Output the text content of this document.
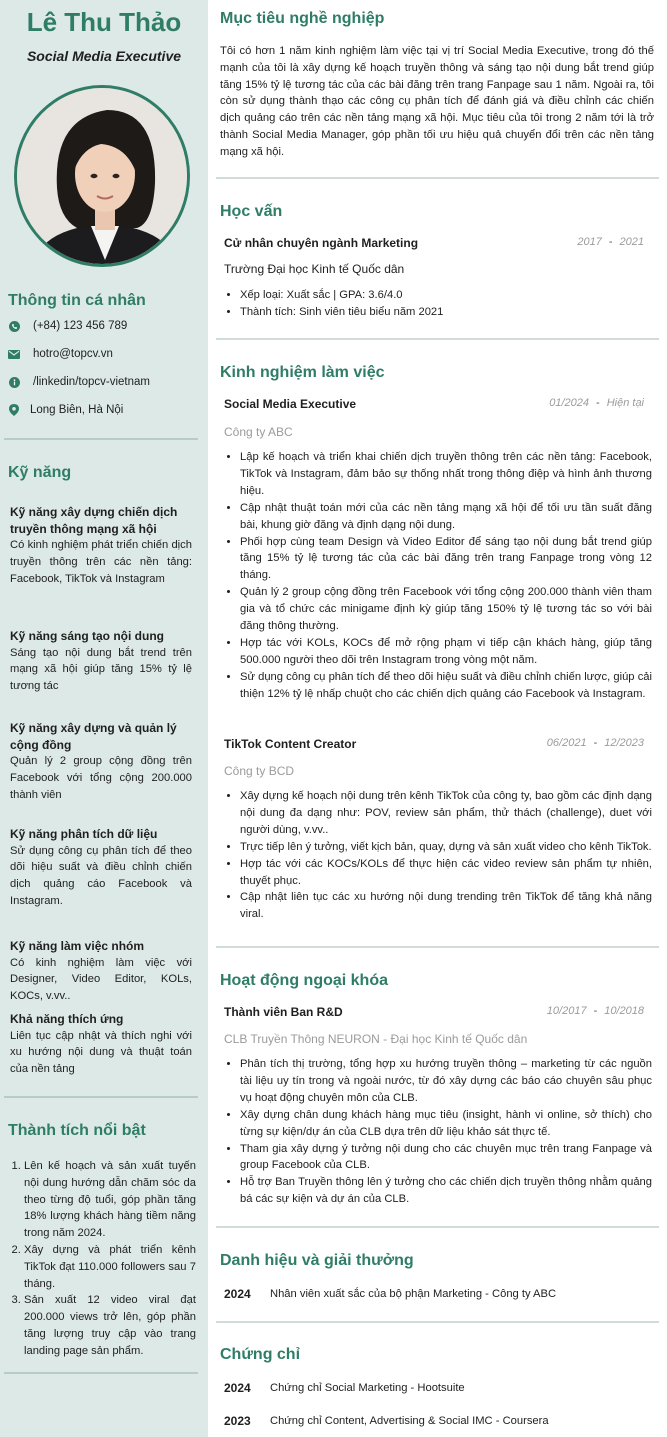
Lê Thu Thảo
Social Media Executive
Thông tin cá nhân
(+84) 123 456 789
hotro@topcv.vn
/linkedin/topcv-vietnam
Long Biên, Hà Nội
Kỹ năng
Kỹ năng xây dựng chiến dịch truyền thông mạng xã hội
Có kinh nghiệm phát triển chiến dịch truyền thông trên các nền tảng: Facebook, TikTok và Instagram
Kỹ năng sáng tạo nội dung
Sáng tạo nội dung bắt trend trên mạng xã hội giúp tăng 15% tỷ lệ tương tác
Kỹ năng xây dựng và quản lý cộng đồng
Quản lý 2 group cộng đồng trên Facebook với tổng cộng 200.000 thành viên
Kỹ năng phân tích dữ liệu
Sử dụng công cụ phân tích để theo dõi hiệu suất và điều chỉnh chiến dịch quảng cáo Facebook và Instagram.
Kỹ năng làm việc nhóm
Có kinh nghiệm làm việc với Designer, Video Editor, KOLs, KOCs, v.vv..
Khả năng thích ứng
Liên tục cập nhật và thích nghi với xu hướng nội dung và thuật toán của nền tảng
Thành tích nổi bật
1. Lên kế hoạch và sản xuất tuyến nội dung hướng dẫn chăm sóc da theo từng độ tuổi, góp phần tăng 18% lượng khách hàng tiềm năng trong năm 2024.
2. Xây dựng và phát triển kênh TikTok đạt 110.000 followers sau 7 tháng.
3. Sản xuất 12 video viral đạt 200.000 views trở lên, góp phần tăng lượng truy cập vào trang landing page sản phẩm.
Mục tiêu nghề nghiệp
Tôi có hơn 1 năm kinh nghiệm làm việc tại vị trí Social Media Executive, trong đó thế mạnh của tôi là xây dựng kế hoạch truyền thông và sáng tạo nội dung bắt trend giúp tăng 15% tỷ lệ tương tác của các bài đăng trên trang Fanpage sau 1 năm. Ngoài ra, tôi còn sử dụng thành thạo các công cụ phân tích để đánh giá và điều chỉnh các chiến dịch quảng cáo trên các nền tảng mạng xã hội. Mục tiêu của tôi trong 2 năm tới là trở thành Social Media Manager, góp phần tối ưu hiệu quả chuyển đổi trên các nền tảng mạng xã hội.
Học vấn
Cử nhân chuyên ngành Marketing	2017 - 2021
Trường Đại học Kinh tế Quốc dân
• Xếp loại: Xuất sắc | GPA: 3.6/4.0
• Thành tích: Sinh viên tiêu biểu năm 2021
Kinh nghiệm làm việc
Social Media Executive	01/2024 - Hiện tại
Công ty ABC
• Lập kế hoạch và triển khai chiến dịch truyền thông trên các nền tảng: Facebook, TikTok và Instagram, đảm bảo sự thống nhất trong thông điệp và hình ảnh thương hiệu.
• Cập nhật thuật toán mới của các nền tảng mạng xã hội để tối ưu tần suất đăng bài, khung giờ đăng và định dạng nội dung.
• Phối hợp cùng team Design và Video Editor để sáng tạo nội dung bắt trend giúp tăng 15% tỷ lệ tương tác của các bài đăng trên trang Fanpage trong vòng 12 tháng.
• Quản lý 2 group cộng đồng trên Facebook với tổng cộng 200.000 thành viên tham gia và tổ chức các minigame định kỳ giúp tăng 150% tỷ lệ tương tác so với bài đăng thông thường.
• Hợp tác với KOLs, KOCs để mở rộng phạm vi tiếp cận khách hàng, giúp tăng 500.000 người theo dõi trên Instagram trong vòng một năm.
• Sử dụng công cụ phân tích để theo dõi hiệu suất và điều chỉnh chiến lược, giúp cải thiện 12% tỷ lệ nhấp chuột cho các chiến dịch quảng cáo Facebook và Instagram.
TikTok Content Creator	06/2021 - 12/2023
Công ty BCD
• Xây dựng kế hoạch nội dung trên kênh TikTok của công ty, bao gồm các định dạng nội dung đa dạng như: POV, review sản phẩm, thử thách (challenge), duet với người dùng, v.vv..
• Trực tiếp lên ý tưởng, viết kịch bản, quay, dựng và sản xuất video cho kênh TikTok.
• Hợp tác với các KOCs/KOLs để thực hiện các video review sản phẩm tự nhiên, thuyết phục.
• Cập nhật liên tục các xu hướng nội dung trending trên TikTok để tăng khả năng viral.
Hoạt động ngoại khóa
Thành viên Ban R&D	10/2017 - 10/2018
CLB Truyền Thông NEURON - Đại học Kinh tế Quốc dân
• Phân tích thị trường, tổng hợp xu hướng truyền thông – marketing từ các nguồn tài liệu uy tín trong và ngoài nước, từ đó xây dựng các báo cáo chuyên sâu phục vụ hoạt động chuyên môn của CLB.
• Xây dựng chân dung khách hàng mục tiêu (insight, hành vi online, sở thích) cho từng sự kiện/dự án của CLB dựa trên dữ liệu khảo sát thực tế.
• Tham gia xây dựng ý tưởng nội dung cho các chuyên mục trên trang Fanpage và group Facebook của CLB.
• Hỗ trợ Ban Truyền thông lên ý tưởng cho các chiến dịch truyền thông nhằm quảng bá các sự kiện và dự án của CLB.
Danh hiệu và giải thưởng
2024	Nhân viên xuất sắc của bộ phận Marketing - Công ty ABC
Chứng chỉ
2024	Chứng chỉ Social Marketing - Hootsuite
2023	Chứng chỉ Content, Advertising & Social IMC - Coursera
